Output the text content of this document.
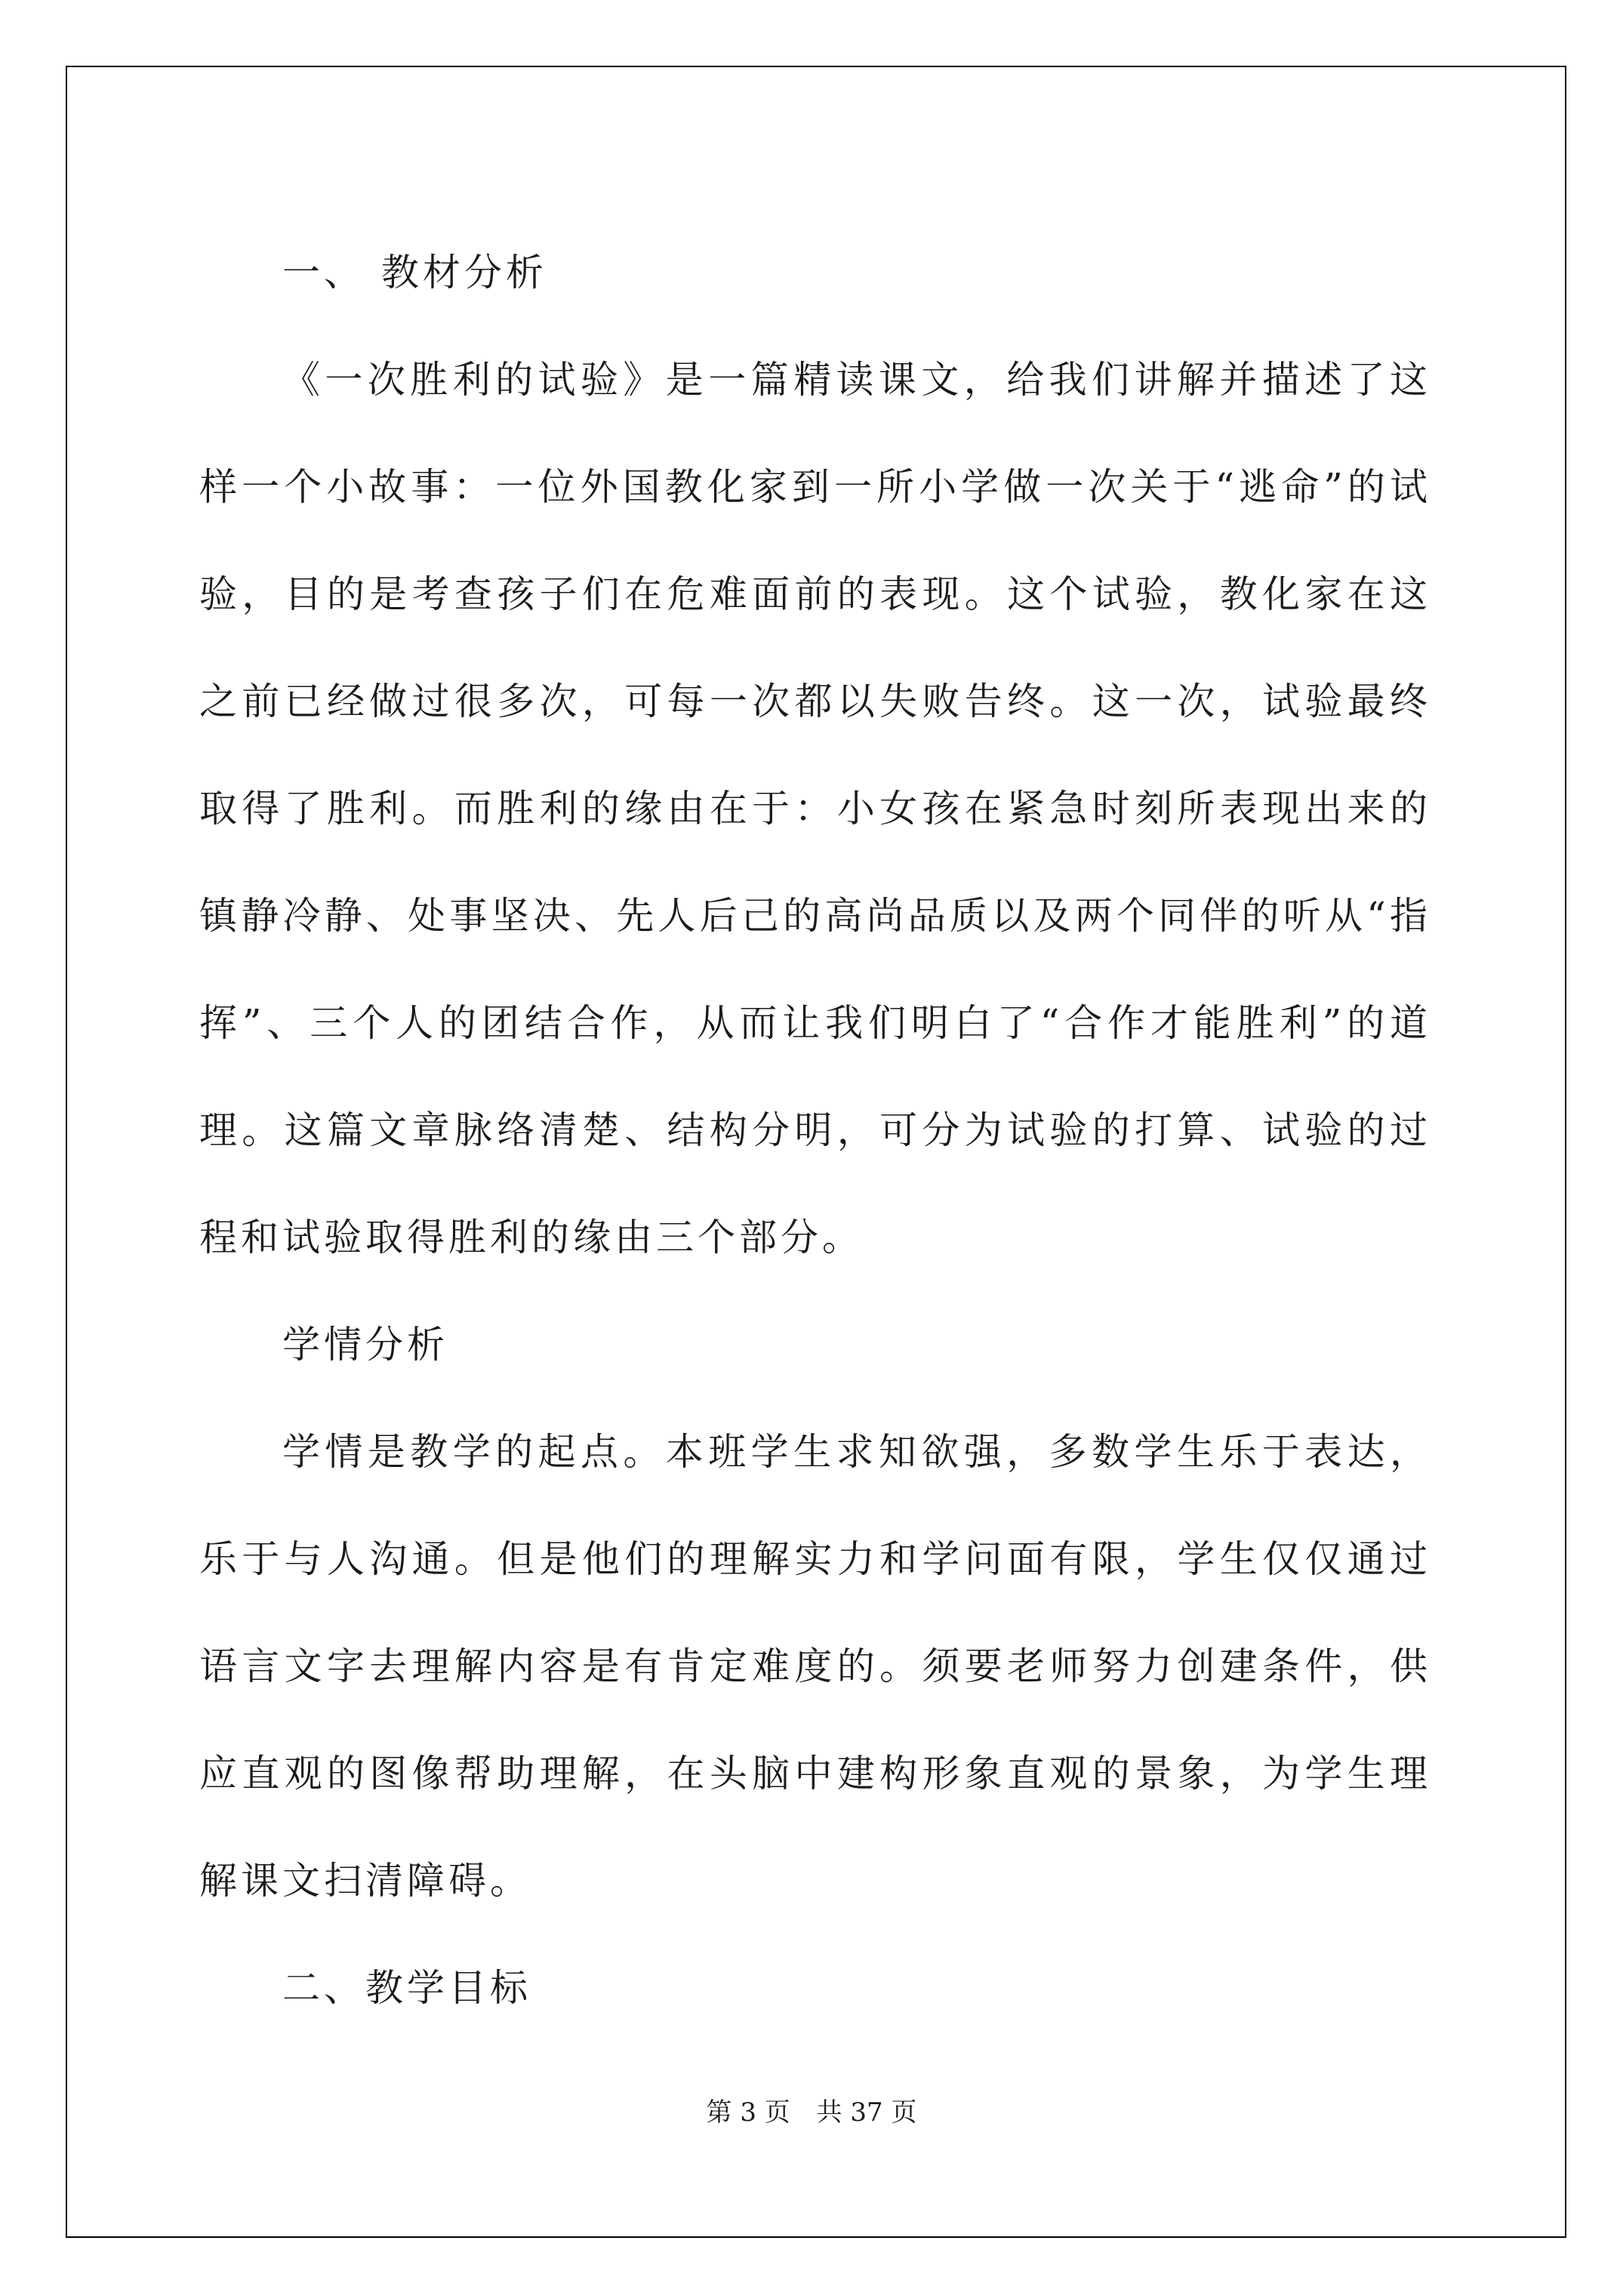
一、 教材分析

《一次胜利的试验》是一篇精读课文，给我们讲解并描述了这样一个小故事：一位外国教化家到一所小学做一次关于“逃命”的试验，目的是考查孩子们在危难面前的表现。这个试验，教化家在这之前已经做过很多次，可每一次都以失败告终。这一次，试验最终取得了胜利。而胜利的缘由在于：小女孩在紧急时刻所表现出来的镇静冷静、处事坚决、先人后己的高尚品质以及两个同伴的听从“指挥”、三个人的团结合作，从而让我们明白了“合作才能胜利”的道理。这篇文章脉络清楚、结构分明，可分为试验的打算、试验的过程和试验取得胜利的缘由三个部分。

学情分析

学情是教学的起点。本班学生求知欲强，多数学生乐于表达，乐于与人沟通。但是他们的理解实力和学问面有限，学生仅仅通过语言文字去理解内容是有肯定难度的。须要老师努力创建条件，供应直观的图像帮助理解，在头脑中建构形象直观的景象，为学生理解课文扫清障碍。

二、教学目标

第 3 页 共 37 页
